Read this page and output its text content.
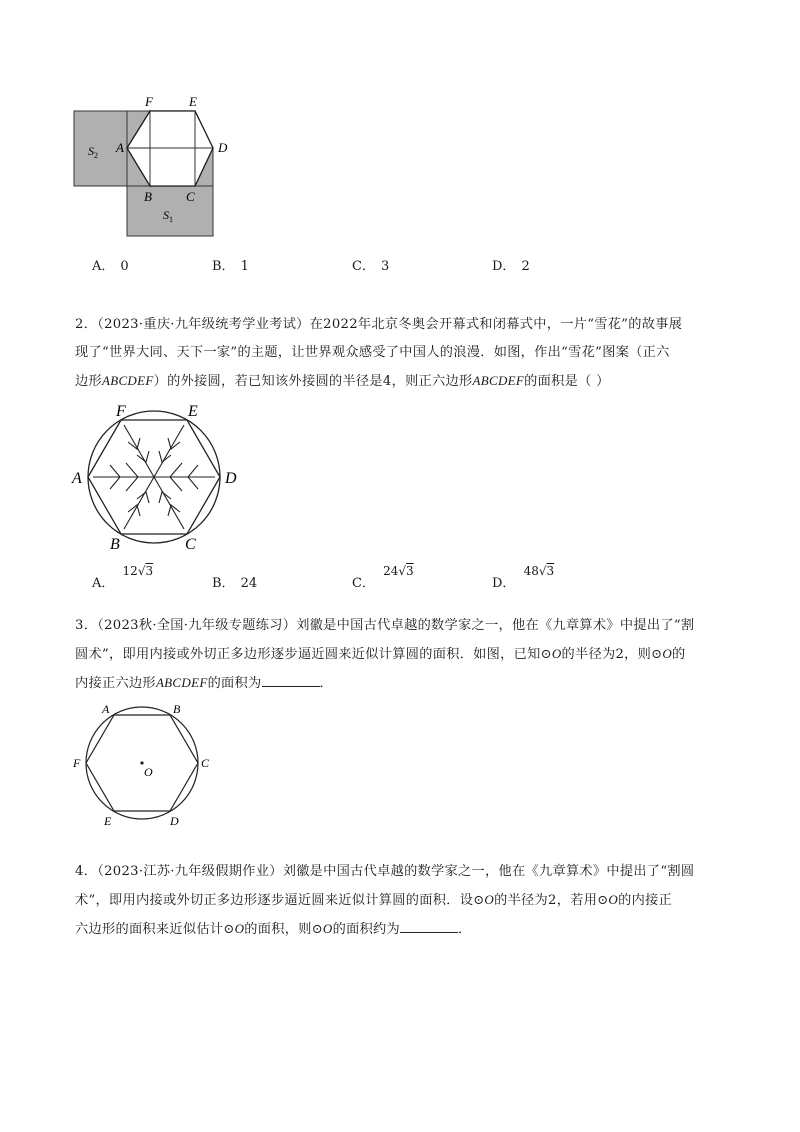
F	E
A	D
B	C
$S_2$
$S_1$
A． 0	B． 1	C． 3	D． 2
2．（2023·重庆·九年级统考学业考试）在2022年北京冬奥会开幕式和闭幕式中，一片“雪花”的故事展
现了“世界大同、天下一家”的主题，让世界观众感受了中国人的浪漫．如图，作出“雪花”图案（正六
边形ABCDEF）的外接圆，若已知该外接圆的半径是4，则正六边形ABCDEF的面积是（ ）
F	E
A	D
B	C
A． 12√3
B． 24	C． 24√3
D． 48√3
3．（2023秋·全国·九年级专题练习）刘徽是中国古代卓越的数学家之一，他在《九章算术》中提出了“割
圆术”，即用内接或外切正多边形逐步逼近圆来近似计算圆的面积．如图，已知⊙O的半径为2，则⊙O的
内接正六边形ABCDEF的面积为	．
A	B
C
D
E
F
O
4．（2023·江苏·九年级假期作业）刘徽是中国古代卓越的数学家之一，他在《九章算术》中提出了“割圆
术”，即用内接或外切正多边形逐步逼近圆来近似计算圆的面积．设⊙O的半径为2，若用⊙O的内接正
六边形的面积来近似估计⊙O的面积，则⊙O的面积约为	．
